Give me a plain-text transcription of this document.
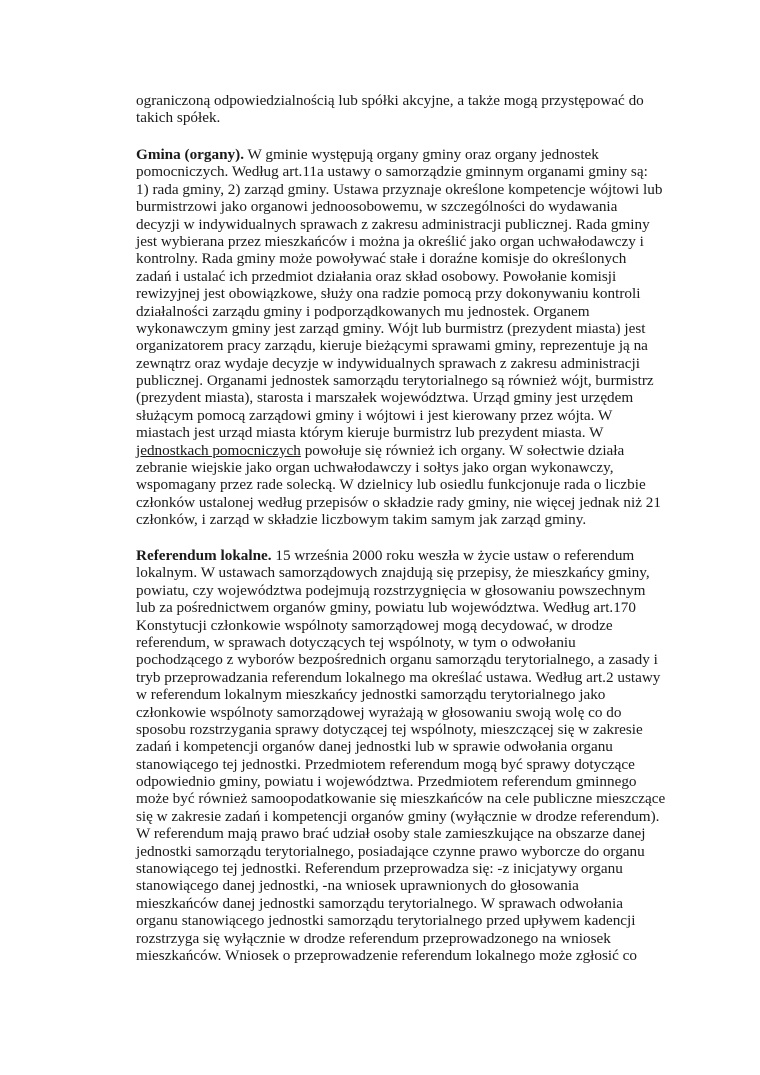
ograniczoną odpowiedzialnością lub spółki akcyjne, a także mogą przystępować do
takich spółek.
Gmina (organy). W gminie występują organy gminy oraz organy jednostek
pomocniczych. Według art.11a ustawy o samorządzie gminnym organami gminy są:
1) rada gminy, 2) zarząd gminy. Ustawa przyznaje określone kompetencje wójtowi lub
burmistrzowi jako organowi jednoosobowemu, w szczególności do wydawania
decyzji w indywidualnych sprawach z zakresu administracji publicznej. Rada gminy
jest wybierana przez mieszkańców i można ja określić jako organ uchwałodawczy i
kontrolny. Rada gminy może powoływać stałe i doraźne komisje do określonych
zadań i ustalać ich przedmiot działania oraz skład osobowy. Powołanie komisji
rewizyjnej jest obowiązkowe, służy ona radzie pomocą przy dokonywaniu kontroli
działalności zarządu gminy i podporządkowanych mu jednostek. Organem
wykonawczym gminy jest zarząd gminy. Wójt lub burmistrz (prezydent miasta) jest
organizatorem pracy zarządu, kieruje bieżącymi sprawami gminy, reprezentuje ją na
zewnątrz oraz wydaje decyzje w indywidualnych sprawach z zakresu administracji
publicznej. Organami jednostek samorządu terytorialnego są również wójt, burmistrz
(prezydent miasta), starosta i marszałek województwa. Urząd gminy jest urzędem
służącym pomocą zarządowi gminy i wójtowi i jest kierowany przez wójta. W
miastach jest urząd miasta którym kieruje burmistrz lub prezydent miasta. W
jednostkach pomocniczych powołuje się również ich organy. W sołectwie działa
zebranie wiejskie jako organ uchwałodawczy i sołtys jako organ wykonawczy,
wspomagany przez rade solecką. W dzielnicy lub osiedlu funkcjonuje rada o liczbie
członków ustalonej według przepisów o składzie rady gminy, nie więcej jednak niż 21
członków, i zarząd w składzie liczbowym takim samym jak zarząd gminy.
Referendum lokalne. 15 września 2000 roku weszła w życie ustaw o referendum
lokalnym. W ustawach samorządowych znajdują się przepisy, że mieszkańcy gminy,
powiatu, czy województwa podejmują rozstrzygnięcia w głosowaniu powszechnym
lub za pośrednictwem organów gminy, powiatu lub województwa. Według art.170
Konstytucji członkowie wspólnoty samorządowej mogą decydować, w drodze
referendum, w sprawach dotyczących tej wspólnoty, w tym o odwołaniu
pochodzącego z wyborów bezpośrednich organu samorządu terytorialnego, a zasady i
tryb przeprowadzania referendum lokalnego ma określać ustawa. Według art.2 ustawy
w referendum lokalnym mieszkańcy jednostki samorządu terytorialnego jako
członkowie wspólnoty samorządowej wyrażają w głosowaniu swoją wolę co do
sposobu rozstrzygania sprawy dotyczącej tej wspólnoty, mieszczącej się w zakresie
zadań i kompetencji organów danej jednostki lub w sprawie odwołania organu
stanowiącego tej jednostki. Przedmiotem referendum mogą być sprawy dotyczące
odpowiednio gminy, powiatu i województwa. Przedmiotem referendum gminnego
może być również samoopodatkowanie się mieszkańców na cele publiczne mieszczące
się w zakresie zadań i kompetencji organów gminy (wyłącznie w drodze referendum).
W referendum mają prawo brać udział osoby stale zamieszkujące na obszarze danej
jednostki samorządu terytorialnego, posiadające czynne prawo wyborcze do organu
stanowiącego tej jednostki. Referendum przeprowadza się: -z inicjatywy organu
stanowiącego danej jednostki, -na wniosek uprawnionych do głosowania
mieszkańców danej jednostki samorządu terytorialnego. W sprawach odwołania
organu stanowiącego jednostki samorządu terytorialnego przed upływem kadencji
rozstrzyga się wyłącznie w drodze referendum przeprowadzonego na wniosek
mieszkańców. Wniosek o przeprowadzenie referendum lokalnego może zgłosić co
